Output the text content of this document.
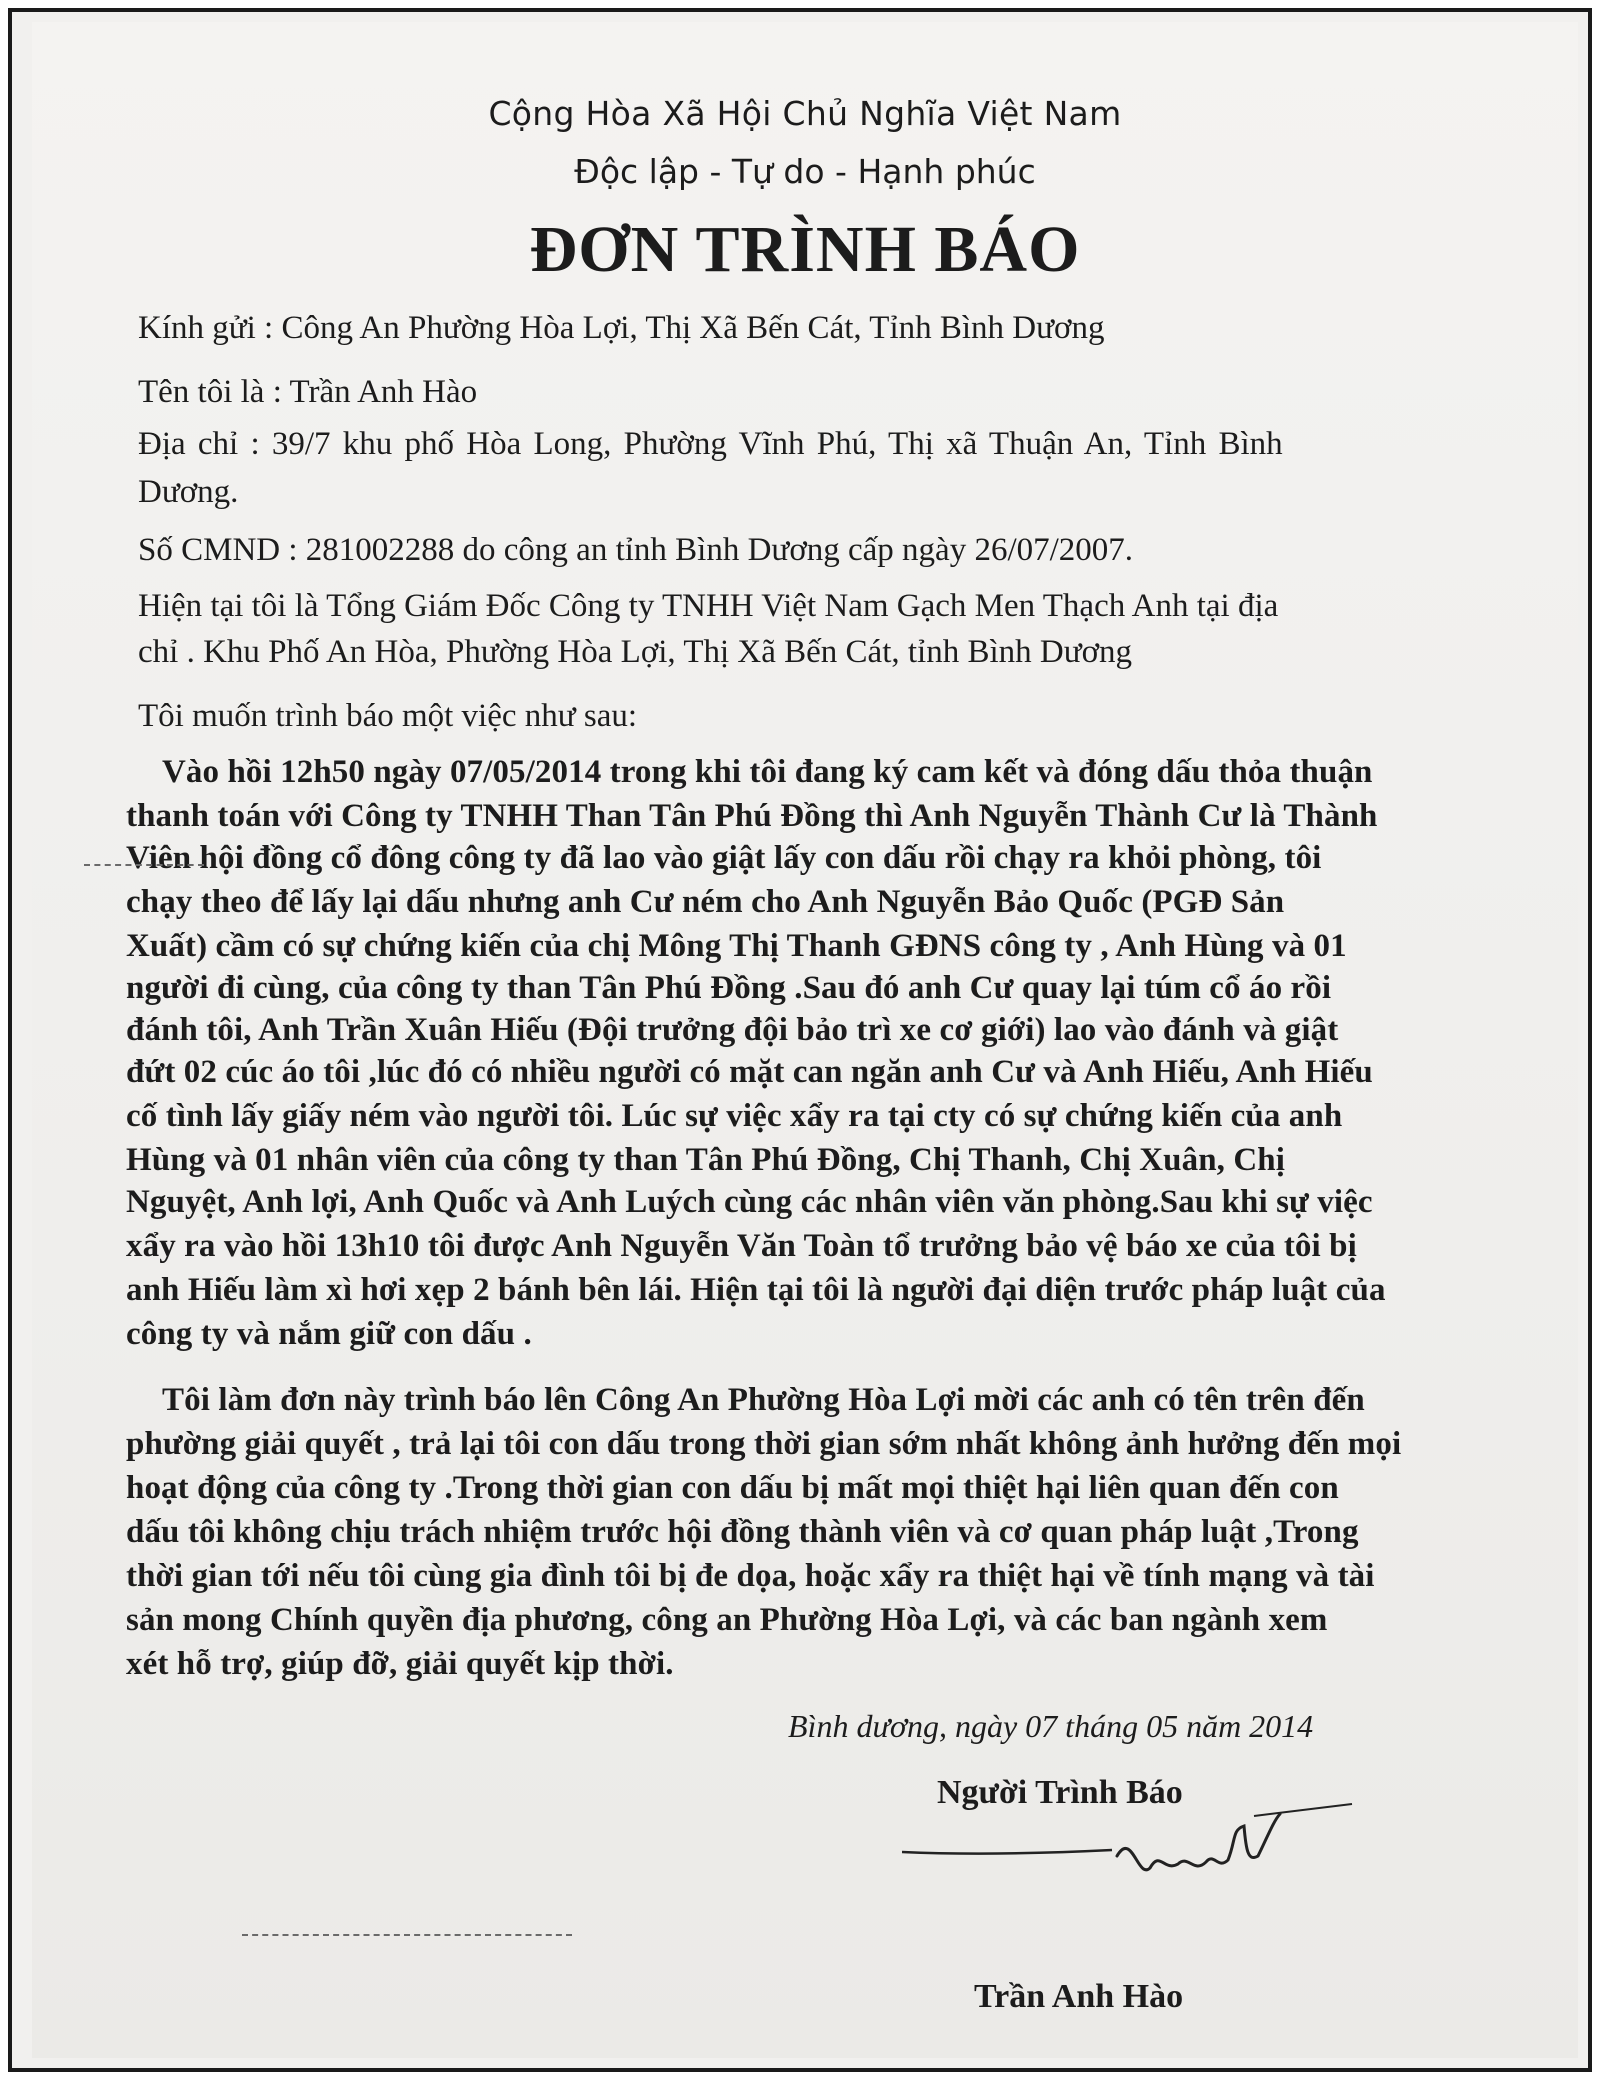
Cộng Hòa Xã Hội Chủ Nghĩa Việt Nam
Độc lập - Tự do - Hạnh phúc
ĐƠN TRÌNH BÁO
Kính gửi : Công An Phường Hòa Lợi, Thị Xã Bến Cát, Tỉnh Bình Dương
Tên tôi là : Trần Anh Hào
Địa chỉ : 39/7 khu phố Hòa Long, Phường Vĩnh Phú, Thị xã Thuận An, Tỉnh Bình
Dương.
Số CMND : 281002288 do công an tỉnh Bình Dương cấp ngày 26/07/2007.
Hiện tại tôi là Tổng Giám Đốc Công ty TNHH Việt Nam Gạch Men Thạch Anh tại địa
chỉ . Khu Phố An Hòa, Phường Hòa Lợi, Thị Xã Bến Cát, tỉnh Bình Dương
Tôi muốn trình báo một việc như sau:
Vào hồi 12h50 ngày 07/05/2014 trong khi tôi đang ký cam kết và đóng dấu thỏa thuận
thanh toán với Công ty TNHH Than Tân Phú Đồng thì Anh Nguyễn Thành Cư là Thành
Viên hội đồng cổ đông công ty đã lao vào giật lấy con dấu rồi chạy ra khỏi phòng, tôi
chạy theo để lấy lại dấu nhưng anh Cư ném cho Anh Nguyễn Bảo Quốc (PGĐ Sản
Xuất) cầm có sự chứng kiến của chị Mông Thị Thanh GĐNS công ty , Anh Hùng và 01
người đi cùng, của công ty than Tân Phú Đồng .Sau đó anh Cư quay lại túm cổ áo rồi
đánh tôi, Anh Trần Xuân Hiếu (Đội trưởng đội bảo trì xe cơ giới) lao vào đánh và giật
đứt 02 cúc áo tôi ,lúc đó có nhiều người có mặt can ngăn anh Cư và Anh Hiếu, Anh Hiếu
cố tình lấy giấy ném vào người tôi. Lúc sự việc xẩy ra tại cty có sự chứng kiến của anh
Hùng và 01 nhân viên của công ty than Tân Phú Đồng, Chị Thanh, Chị Xuân, Chị
Nguyệt, Anh lợi, Anh Quốc và Anh Luých cùng các nhân viên văn phòng.Sau khi sự việc
xẩy ra vào hồi 13h10 tôi được Anh Nguyễn Văn Toàn tổ trưởng bảo vệ báo xe của tôi bị
anh Hiếu làm xì hơi xẹp 2 bánh bên lái. Hiện tại tôi là người đại diện trước pháp luật của
công ty và nắm giữ con dấu .
Tôi làm đơn này trình báo lên Công An Phường Hòa Lợi mời các anh có tên trên đến
phường giải quyết , trả lại tôi con dấu trong thời gian sớm nhất không ảnh hưởng đến mọi
hoạt động của công ty .Trong thời gian con dấu bị mất mọi thiệt hại liên quan đến con
dấu tôi không chịu trách nhiệm trước hội đồng thành viên và cơ quan pháp luật ,Trong
thời gian tới nếu tôi cùng gia đình tôi bị đe dọa, hoặc xẩy ra thiệt hại về tính mạng và tài
sản mong Chính quyền địa phương, công an Phường Hòa Lợi, và các ban ngành xem
xét hỗ trợ, giúp đỡ, giải quyết kịp thời.
Bình dương, ngày 07 tháng 05 năm 2014
Người Trình Báo
Trần Anh Hào
